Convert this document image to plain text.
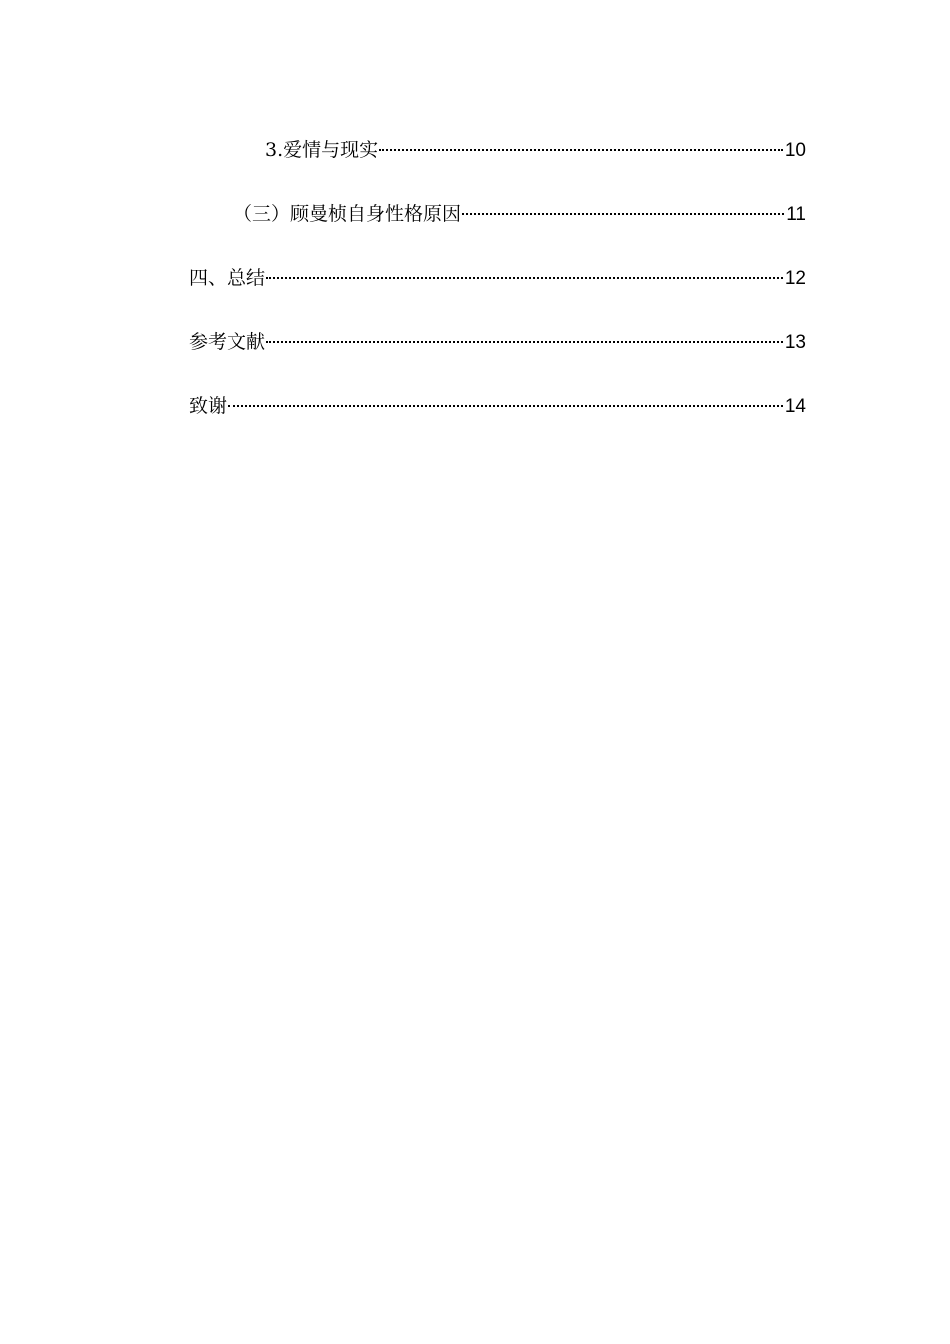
3.爱情与现实	10
（三）顾曼桢自身性格原因	11
四、总结	12
参考文献	13
致谢	14
